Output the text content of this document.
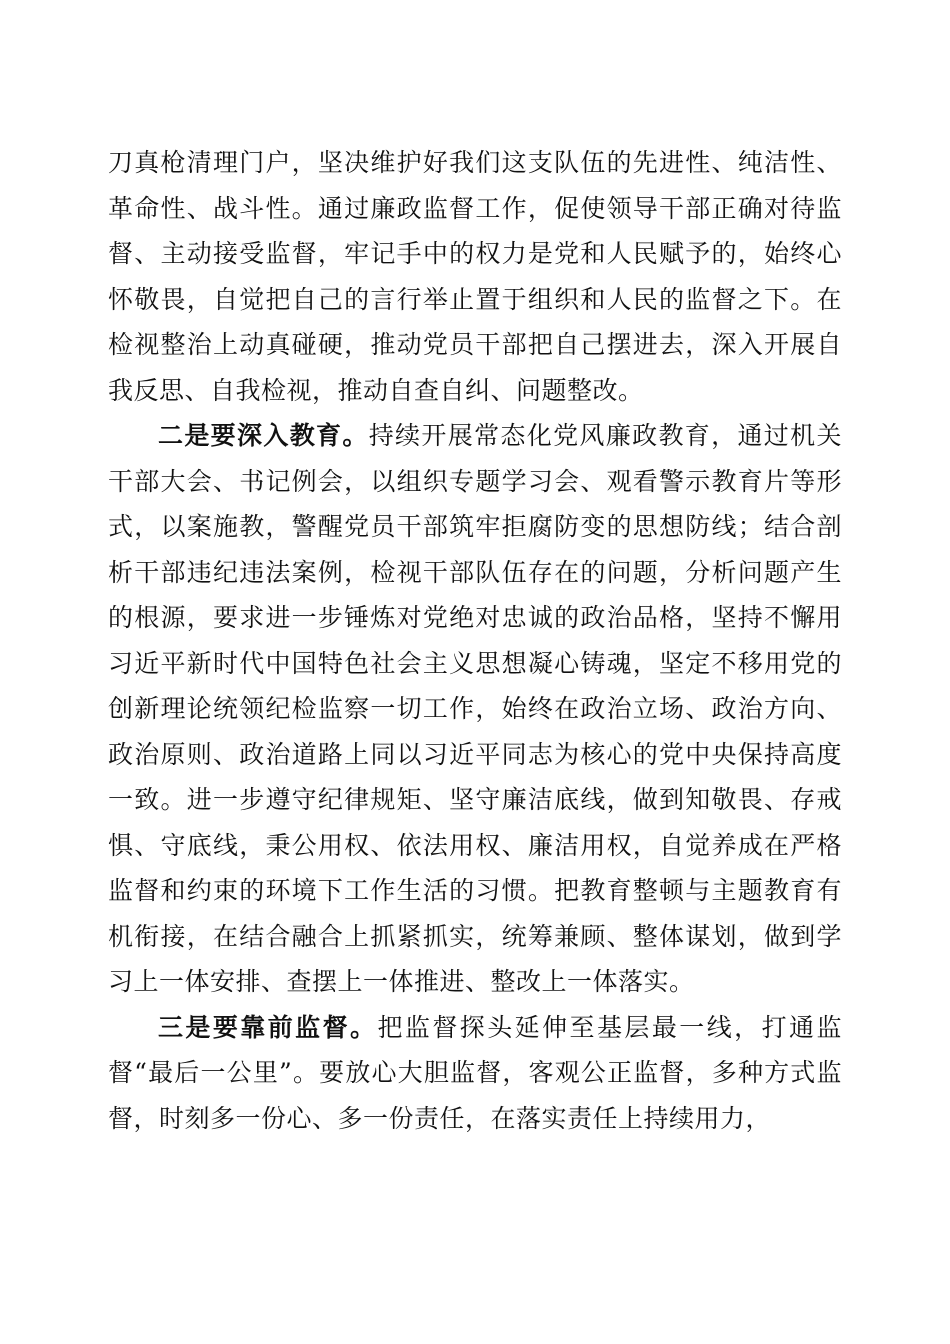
刀真枪清理门户，坚决维护好我们这支队伍的先进性、纯洁性、革命性、战斗性。通过廉政监督工作，促使领导干部正确对待监督、主动接受监督，牢记手中的权力是党和人民赋予的，始终心怀敬畏，自觉把自己的言行举止置于组织和人民的监督之下。在检视整治上动真碰硬，推动党员干部把自己摆进去，深入开展自我反思、自我检视，推动自查自纠、问题整改。

二是要深入教育。持续开展常态化党风廉政教育，通过机关干部大会、书记例会，以组织专题学习会、观看警示教育片等形式，以案施教，警醒党员干部筑牢拒腐防变的思想防线；结合剖析干部违纪违法案例，检视干部队伍存在的问题，分析问题产生的根源，要求进一步锤炼对党绝对忠诚的政治品格，坚持不懈用习近平新时代中国特色社会主义思想凝心铸魂，坚定不移用党的创新理论统领纪检监察一切工作，始终在政治立场、政治方向、政治原则、政治道路上同以习近平同志为核心的党中央保持高度一致。进一步遵守纪律规矩、坚守廉洁底线，做到知敬畏、存戒惧、守底线，秉公用权、依法用权、廉洁用权，自觉养成在严格监督和约束的环境下工作生活的习惯。把教育整顿与主题教育有机衔接，在结合融合上抓紧抓实，统筹兼顾、整体谋划，做到学习上一体安排、查摆上一体推进、整改上一体落实。

三是要靠前监督。把监督探头延伸至基层最一线，打通监督“最后一公里”。要放心大胆监督，客观公正监督，多种方式监督，时刻多一份心、多一份责任，在落实责任上持续用力，
